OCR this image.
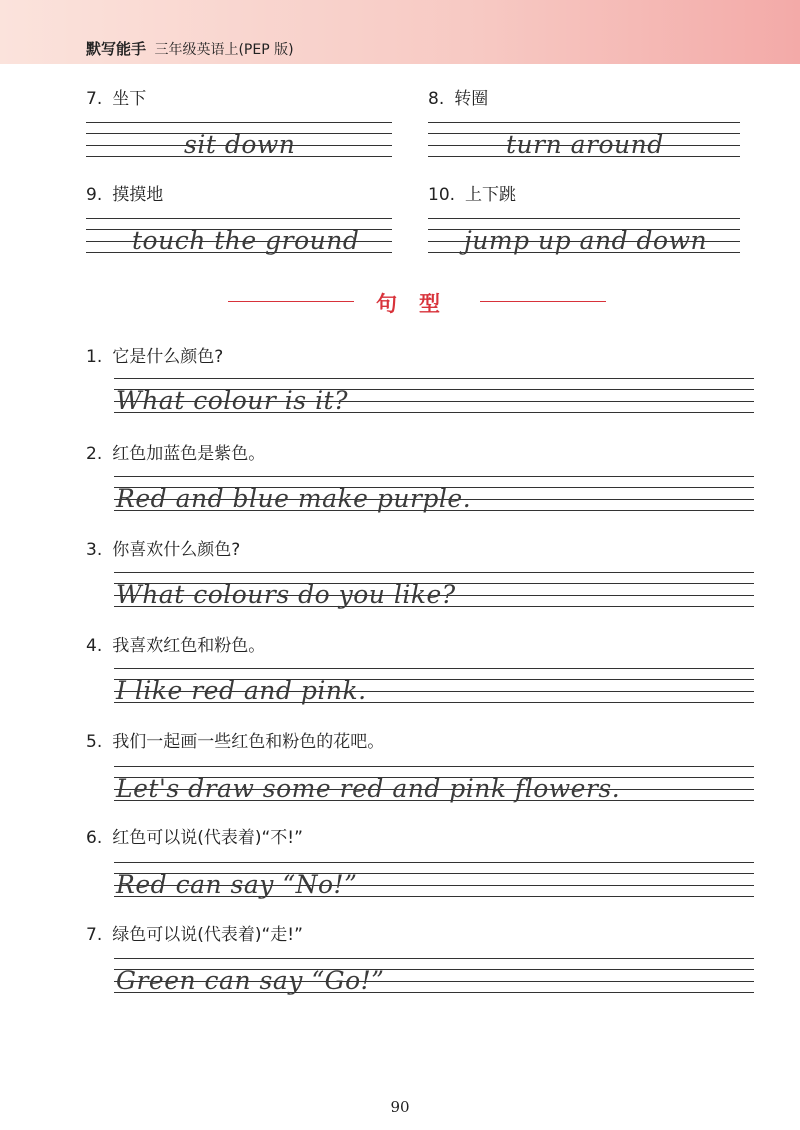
默写能手 三年级英语上(PEP 版)
7. 坐下
sit down
8. 转圈
turn around
9. 摸摸地
touch the ground
10. 上下跳
jump up and down
句型
1. 它是什么颜色?
What colour is it?
2. 红色加蓝色是紫色。
Red and blue make purple.
3. 你喜欢什么颜色?
What colours do you like?
4. 我喜欢红色和粉色。
I like red and pink.
5. 我们一起画一些红色和粉色的花吧。
Let's draw some red and pink flowers.
6. 红色可以说(代表着)“不!”
Red can say “No!”
7. 绿色可以说(代表着)“走!”
Green can say “Go!”
90
